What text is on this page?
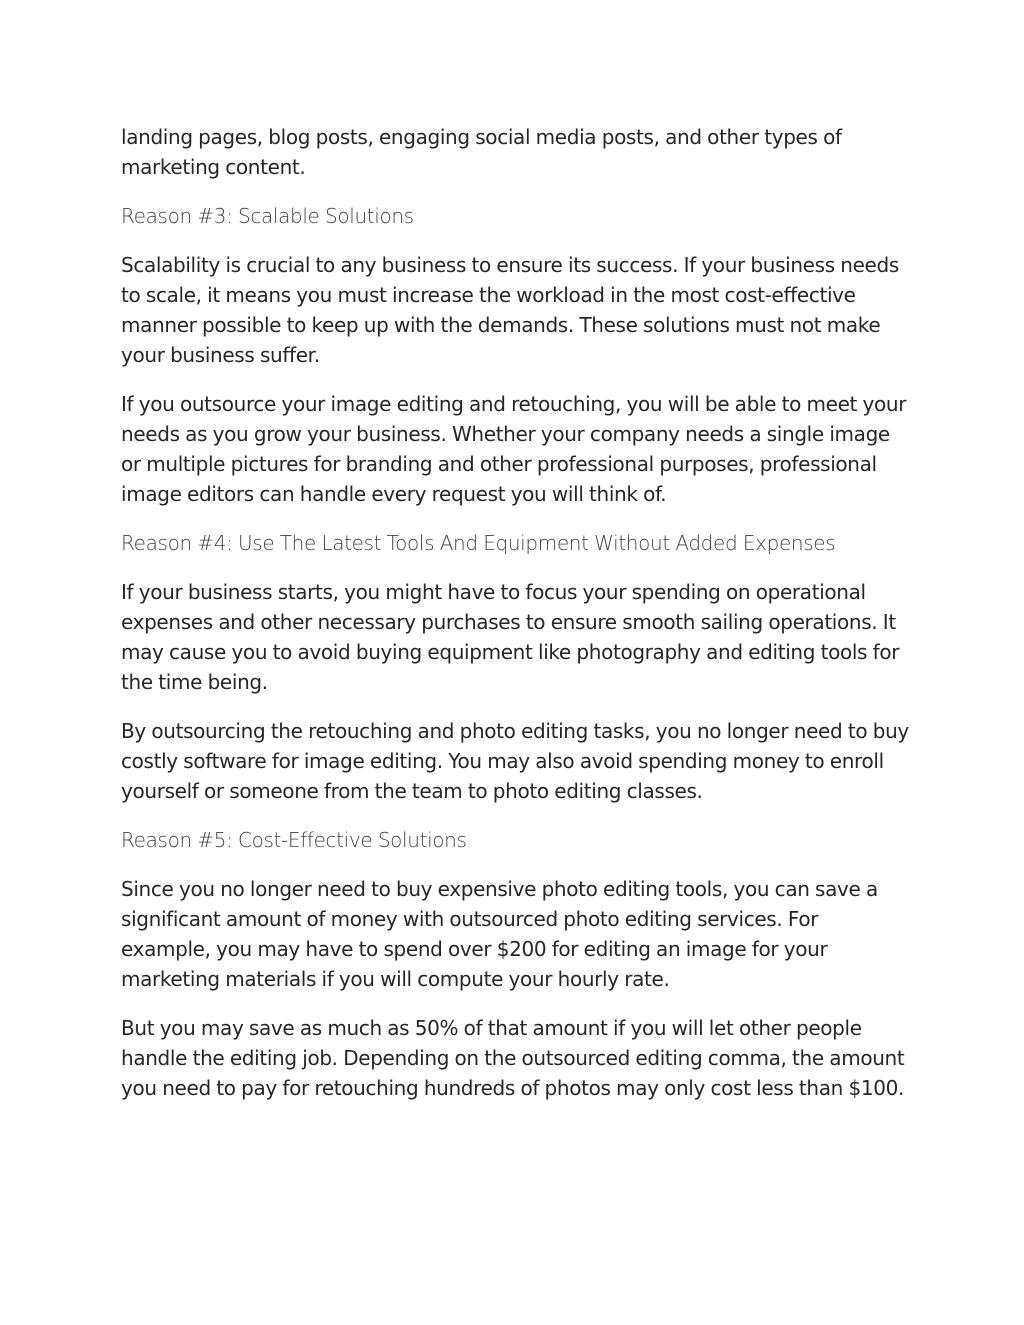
landing pages, blog posts, engaging social media posts, and other types of marketing content.

Reason #3: Scalable Solutions

Scalability is crucial to any business to ensure its success. If your business needs to scale, it means you must increase the workload in the most cost-effective manner possible to keep up with the demands. These solutions must not make your business suffer.

If you outsource your image editing and retouching, you will be able to meet your needs as you grow your business. Whether your company needs a single image or multiple pictures for branding and other professional purposes, professional image editors can handle every request you will think of.

Reason #4: Use The Latest Tools And Equipment Without Added Expenses

If your business starts, you might have to focus your spending on operational expenses and other necessary purchases to ensure smooth sailing operations. It may cause you to avoid buying equipment like photography and editing tools for the time being.

By outsourcing the retouching and photo editing tasks, you no longer need to buy costly software for image editing. You may also avoid spending money to enroll yourself or someone from the team to photo editing classes.

Reason #5: Cost-Effective Solutions

Since you no longer need to buy expensive photo editing tools, you can save a significant amount of money with outsourced photo editing services. For example, you may have to spend over $200 for editing an image for your marketing materials if you will compute your hourly rate.

But you may save as much as 50% of that amount if you will let other people handle the editing job. Depending on the outsourced editing comma, the amount you need to pay for retouching hundreds of photos may only cost less than $100.
